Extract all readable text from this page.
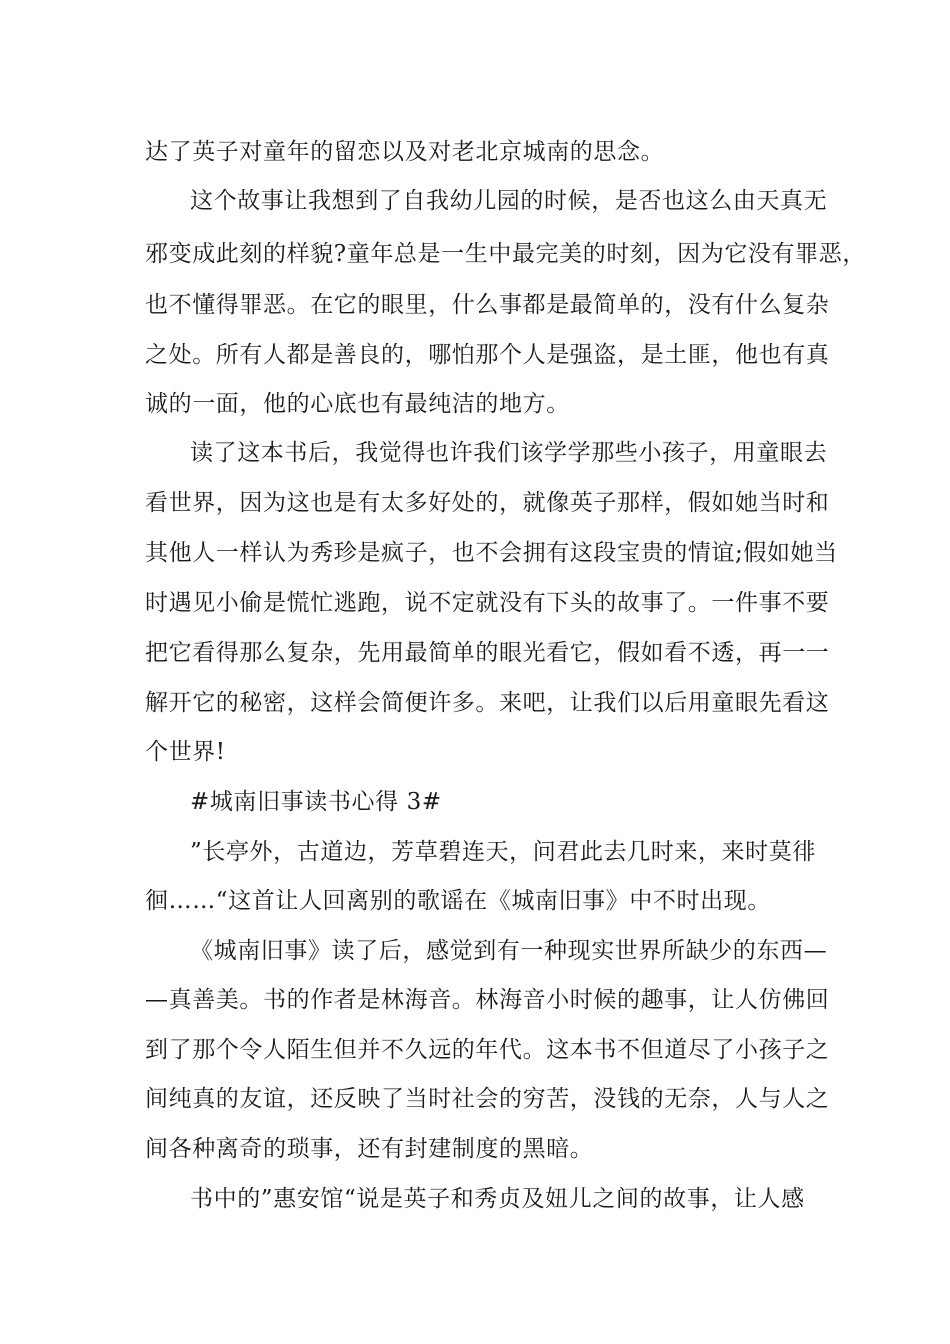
达了英子对童年的留恋以及对老北京城南的思念。
这个故事让我想到了自我幼儿园的时候，是否也这么由天真无
邪变成此刻的样貌?童年总是一生中最完美的时刻，因为它没有罪恶，
也不懂得罪恶。在它的眼里，什么事都是最简单的，没有什么复杂
之处。所有人都是善良的，哪怕那个人是强盗，是土匪，他也有真
诚的一面，他的心底也有最纯洁的地方。
读了这本书后，我觉得也许我们该学学那些小孩子，用童眼去
看世界，因为这也是有太多好处的，就像英子那样，假如她当时和
其他人一样认为秀珍是疯子，也不会拥有这段宝贵的情谊;假如她当
时遇见小偷是慌忙逃跑，说不定就没有下头的故事了。一件事不要
把它看得那么复杂，先用最简单的眼光看它，假如看不透，再一一
解开它的秘密，这样会简便许多。来吧，让我们以后用童眼先看这
个世界!
#城南旧事读书心得 3#
”长亭外，古道边，芳草碧连天，问君此去几时来，来时莫徘
徊……“这首让人回离别的歌谣在《城南旧事》中不时出现。
《城南旧事》读了后，感觉到有一种现实世界所缺少的东西—
—真善美。书的作者是林海音。林海音小时候的趣事，让人仿佛回
到了那个令人陌生但并不久远的年代。这本书不但道尽了小孩子之
间纯真的友谊，还反映了当时社会的穷苦，没钱的无奈，人与人之
间各种离奇的琐事，还有封建制度的黑暗。
书中的”惠安馆“说是英子和秀贞及妞儿之间的故事，让人感
